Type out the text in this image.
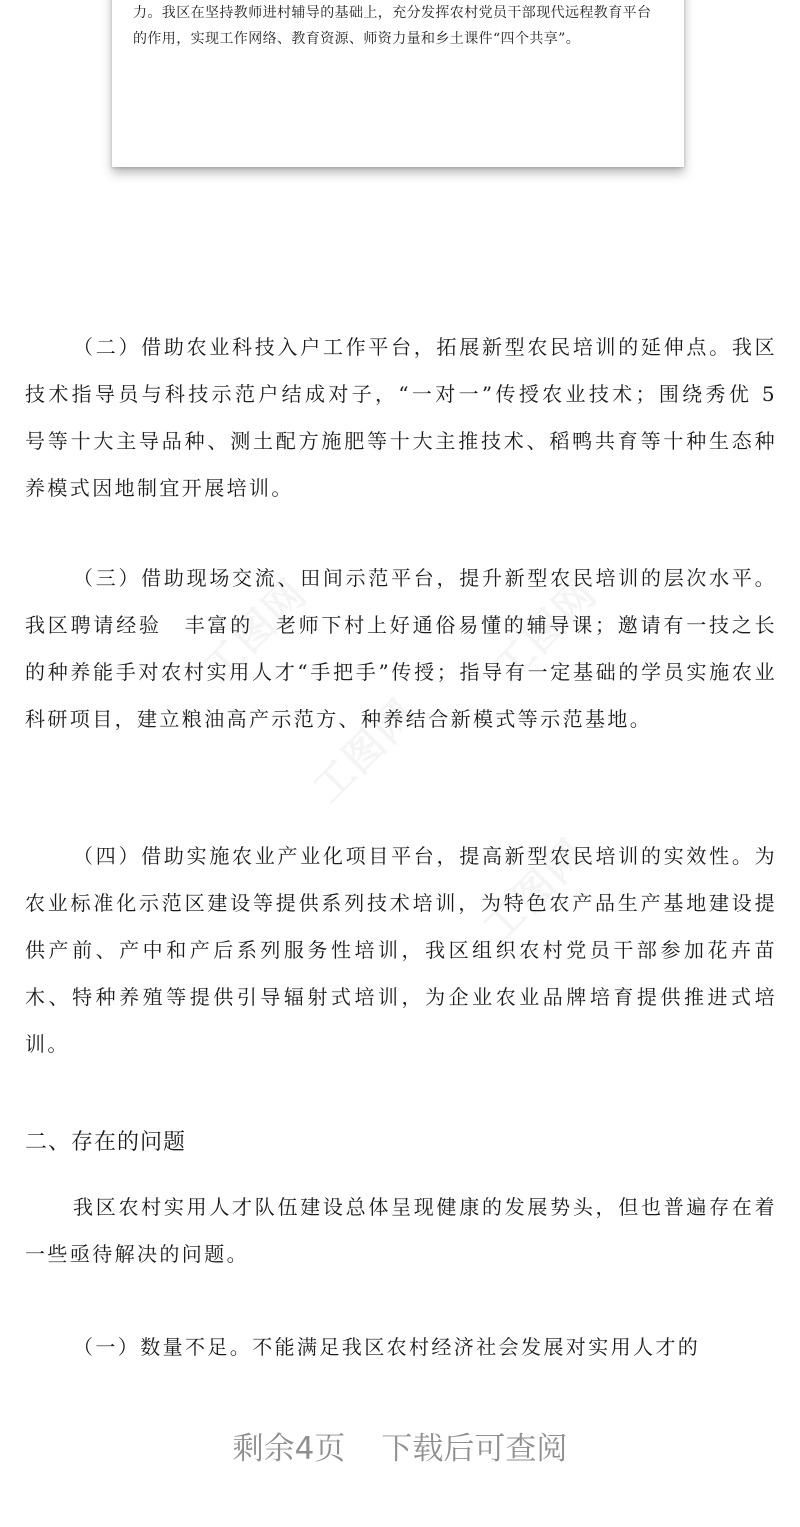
力。我区在坚持教师进村辅导的基础上，充分发挥农村党员干部现代远程教育平台的作用，实现工作网络、教育资源、师资力量和乡土课件“四个共享”。

（二）借助农业科技入户工作平台，拓展新型农民培训的延伸点。我区技术指导员与科技示范户结成对子，“一对一”传授农业技术；围绕秀优 5 号等十大主导品种、测土配方施肥等十大主推技术、稻鸭共育等十种生态种养模式因地制宜开展培训。

（三）借助现场交流、田间示范平台，提升新型农民培训的层次水平。我区聘请经验　丰富的　老师下村上好通俗易懂的辅导课；邀请有一技之长的种养能手对农村实用人才“手把手”传授；指导有一定基础的学员实施农业科研项目，建立粮油高产示范方、种养结合新模式等示范基地。

（四）借助实施农业产业化项目平台，提高新型农民培训的实效性。为农业标准化示范区建设等提供系列技术培训，为特色农产品生产基地建设提供产前、产中和产后系列服务性培训，我区组织农村党员干部参加花卉苗木、特种养殖等提供引导辐射式培训，为企业农业品牌培育提供推进式培训。

二、存在的问题

我区农村实用人才队伍建设总体呈现健康的发展势头，但也普遍存在着一些亟待解决的问题。

（一）数量不足。不能满足我区农村经济社会发展对实用人才的

剩余4页 下载后可查阅
